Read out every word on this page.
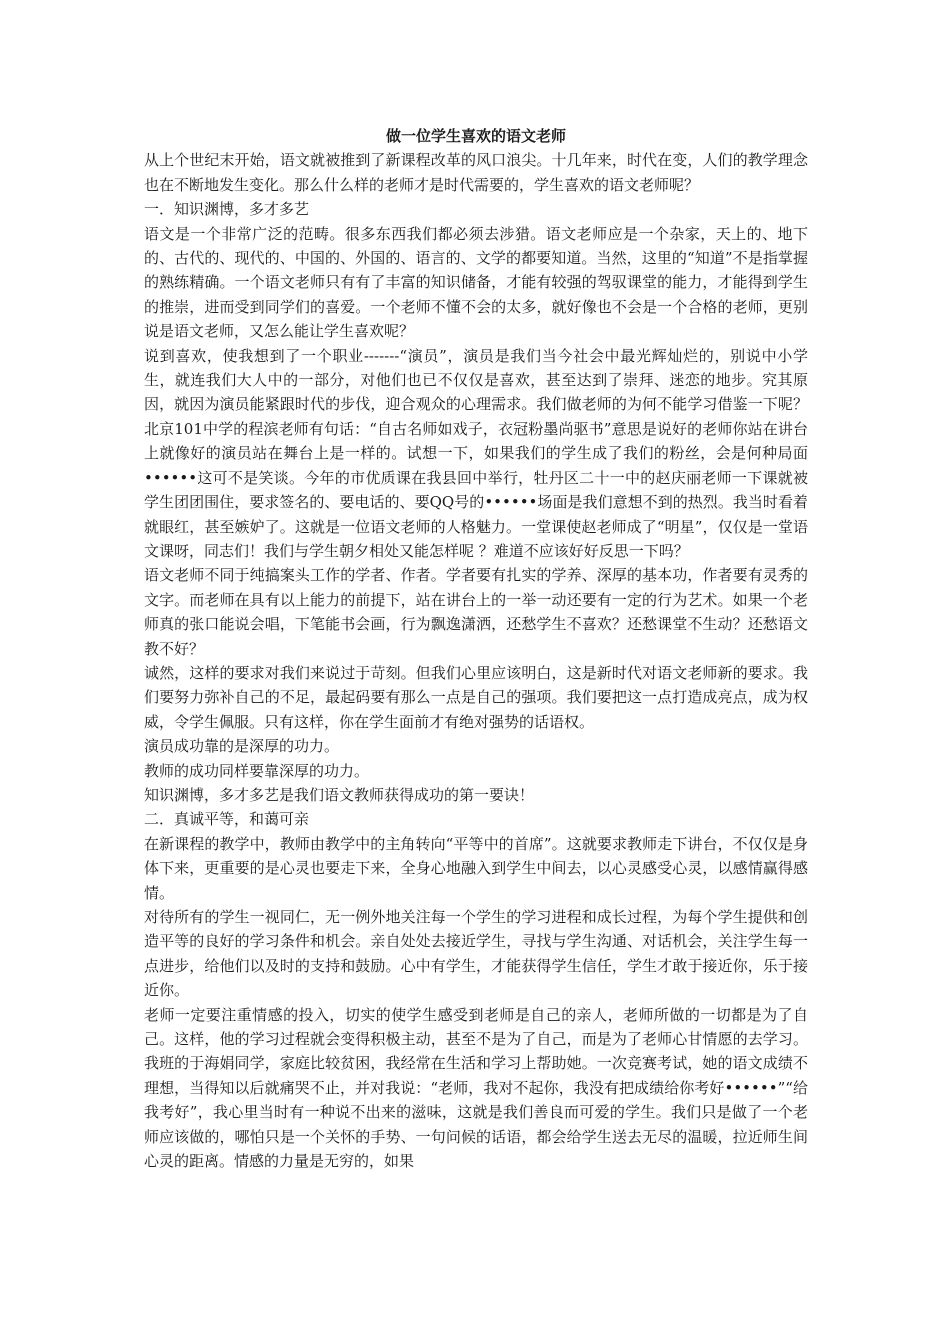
做一位学生喜欢的语文老师

从上个世纪末开始，语文就被推到了新课程改革的风口浪尖。十几年来，时代在变，人们的教学理念也在不断地发生变化。那么什么样的老师才是时代需要的，学生喜欢的语文老师呢？

一．知识渊博，多才多艺

语文是一个非常广泛的范畴。很多东西我们都必须去涉猎。语文老师应是一个杂家，天上的、地下的、古代的、现代的、中国的、外国的、语言的、文学的都要知道。当然，这里的“知道”不是指掌握的熟练精确。一个语文老师只有有了丰富的知识储备，才能有较强的驾驭课堂的能力，才能得到学生的推崇，进而受到同学们的喜爱。一个老师不懂不会的太多，就好像也不会是一个合格的老师，更别说是语文老师，又怎么能让学生喜欢呢？

说到喜欢，使我想到了一个职业-------“演员”，演员是我们当今社会中最光辉灿烂的，别说中小学生，就连我们大人中的一部分，对他们也已不仅仅是喜欢，甚至达到了崇拜、迷恋的地步。究其原因，就因为演员能紧跟时代的步伐，迎合观众的心理需求。我们做老师的为何不能学习借鉴一下呢？北京101中学的程滨老师有句话：“自古名师如戏子，衣冠粉墨尚驱书”意思是说好的老师你站在讲台上就像好的演员站在舞台上是一样的。试想一下，如果我们的学生成了我们的粉丝，会是何种局面••••••这可不是笑谈。今年的市优质课在我县回中举行，牡丹区二十一中的赵庆丽老师一下课就被学生团团围住，要求签名的、要电话的、要QQ号的••••••场面是我们意想不到的热烈。我当时看着就眼红，甚至嫉妒了。这就是一位语文老师的人格魅力。一堂课使赵老师成了“明星”，仅仅是一堂语文课呀，同志们！我们与学生朝夕相处又能怎样呢 ？难道不应该好好反思一下吗？

语文老师不同于纯搞案头工作的学者、作者。学者要有扎实的学养、深厚的基本功，作者要有灵秀的文字。而老师在具有以上能力的前提下，站在讲台上的一举一动还要有一定的行为艺术。如果一个老师真的张口能说会唱，下笔能书会画，行为飘逸潇洒，还愁学生不喜欢？还愁课堂不生动？还愁语文教不好？

诚然，这样的要求对我们来说过于苛刻。但我们心里应该明白，这是新时代对语文老师新的要求。我们要努力弥补自己的不足，最起码要有那么一点是自己的强项。我们要把这一点打造成亮点，成为权威，令学生佩服。只有这样，你在学生面前才有绝对强势的话语权。

演员成功靠的是深厚的功力。

教师的成功同样要靠深厚的功力。

知识渊博，多才多艺是我们语文教师获得成功的第一要诀！

二．真诚平等，和蔼可亲

在新课程的教学中，教师由教学中的主角转向“平等中的首席”。这就要求教师走下讲台，不仅仅是身体下来，更重要的是心灵也要走下来，全身心地融入到学生中间去，以心灵感受心灵，以感情赢得感情。

对待所有的学生一视同仁，无一例外地关注每一个学生的学习进程和成长过程，为每个学生提供和创造平等的良好的学习条件和机会。亲自处处去接近学生，寻找与学生沟通、对话机会，关注学生每一点进步，给他们以及时的支持和鼓励。心中有学生，才能获得学生信任，学生才敢于接近你，乐于接近你。

老师一定要注重情感的投入，切实的使学生感受到老师是自己的亲人，老师所做的一切都是为了自己。这样，他的学习过程就会变得积极主动，甚至不是为了自己，而是为了老师心甘情愿的去学习。我班的于海娟同学，家庭比较贫困，我经常在生活和学习上帮助她。一次竞赛考试，她的语文成绩不理想，当得知以后就痛哭不止，并对我说：“老师，我对不起你，我没有把成绩给你考好••••••”“给我考好”，我心里当时有一种说不出来的滋味，这就是我们善良而可爱的学生。我们只是做了一个老师应该做的，哪怕只是一个关怀的手势、一句问候的话语，都会给学生送去无尽的温暖，拉近师生间心灵的距离。情感的力量是无穷的，如果
